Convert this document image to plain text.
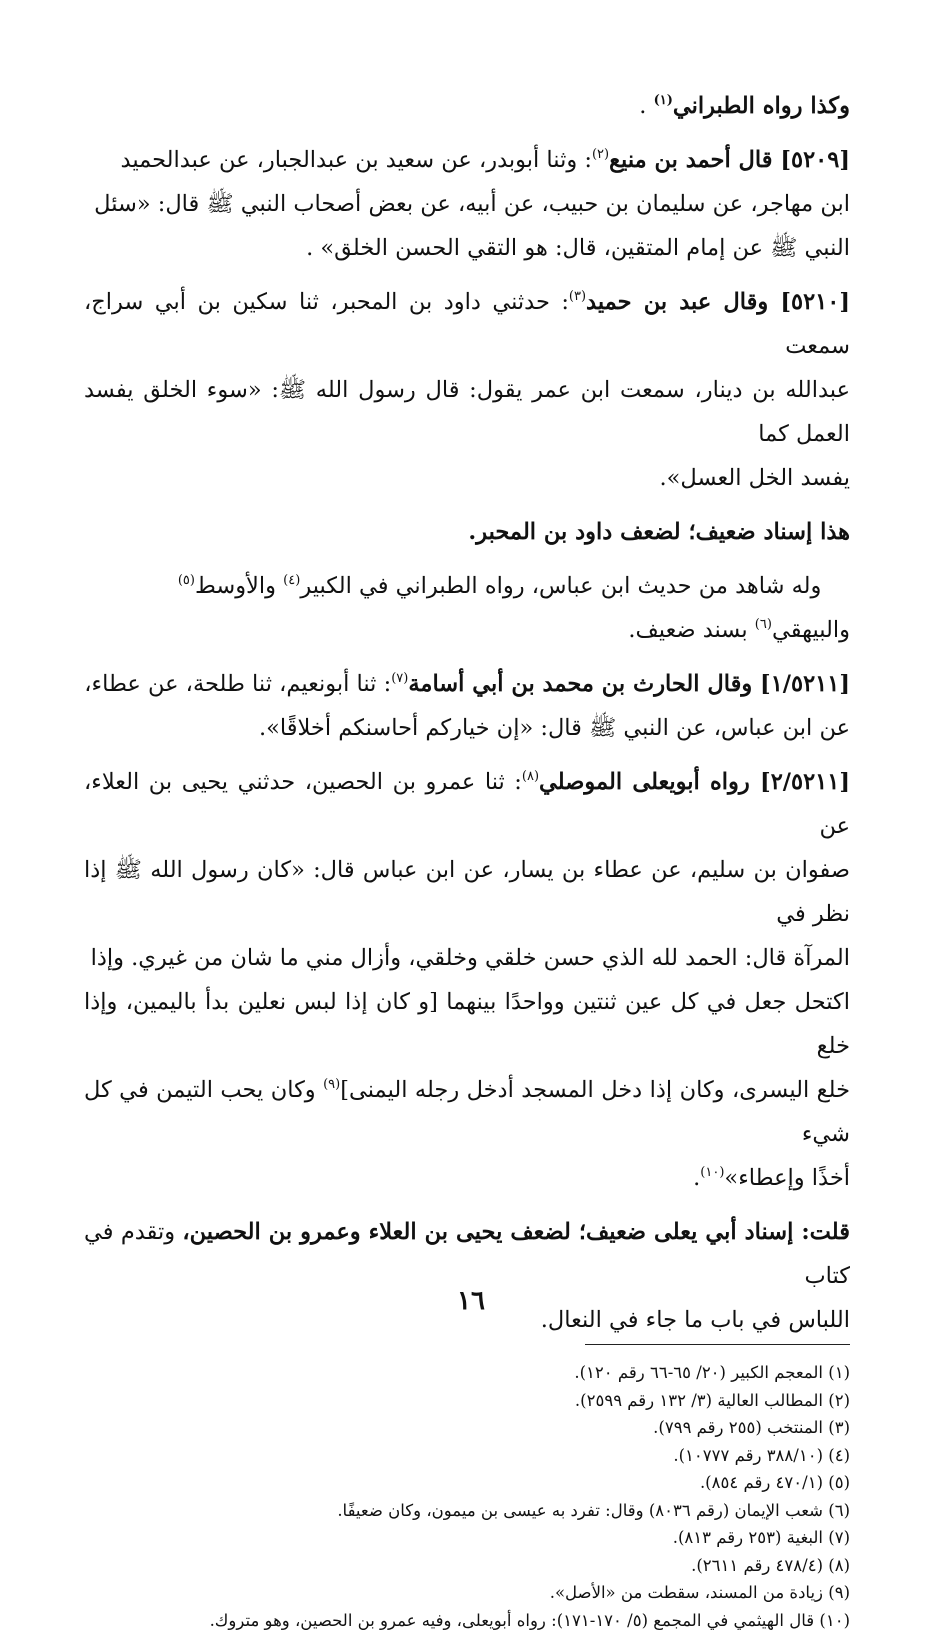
وكذا رواه الطبراني$^{(١)}$ .

[٥٢٠٩] قال أحمد بن منيع$^{(٢)}$: وثنا أبوبدر، عن سعيد بن عبدالجبار، عن عبدالحميد
ابن مهاجر، عن سليمان بن حبيب، عن أبيه، عن بعض أصحاب النبي ﷺ قال: «سئل
النبي ﷺ عن إمام المتقين، قال: هو التقي الحسن الخلق» .

[٥٢١٠] وقال عبد بن حميد$^{(٣)}$: حدثني داود بن المحبر، ثنا سكين بن أبي سراج، سمعت
عبدالله بن دينار، سمعت ابن عمر يقول: قال رسول الله ﷺ: «سوء الخلق يفسد العمل كما
يفسد الخل العسل».

هذا إسناد ضعيف؛ لضعف داود بن المحبر.

وله شاهد من حديث ابن عباس، رواه الطبراني في الكبير$^{(٤)}$ والأوسط$^{(٥)}$
والبيهقي$^{(٦)}$ بسند ضعيف.

[١/٥٢١١] وقال الحارث بن محمد بن أبي أسامة$^{(٧)}$: ثنا أبونعيم، ثنا طلحة، عن عطاء،
عن ابن عباس، عن النبي ﷺ قال: «إن خياركم أحاسنكم أخلاقًا».

[٢/٥٢١١] رواه أبويعلى الموصلي$^{(٨)}$: ثنا عمرو بن الحصين، حدثني يحيى بن العلاء، عن
صفوان بن سليم، عن عطاء بن يسار، عن ابن عباس قال: «كان رسول الله ﷺ إذا نظر في
المرآة قال: الحمد لله الذي حسن خلقي وخلقي، وأزال مني ما شان من غيري. وإذا
اكتحل جعل في كل عين ثنتين وواحدًا بينهما [و كان إذا لبس نعلين بدأ باليمين، وإذا خلع
خلع اليسرى، وكان إذا دخل المسجد أدخل رجله اليمنى]$^{(٩)}$ وكان يحب التيمن في كل شيء
أخذًا وإعطاء»$^{(١٠)}$.

قلت: إسناد أبي يعلى ضعيف؛ لضعف يحيى بن العلاء وعمرو بن الحصين، وتقدم في كتاب
اللباس في باب ما جاء في النعال.

(١) المعجم الكبير (٢٠/ ٦٥-٦٦ رقم ١٢٠).

(٢) المطالب العالية (٣/ ١٣٢ رقم ٢٥٩٩).

(٣) المنتخب (٢٥٥ رقم ٧٩٩).

(٤) (٣٨٨/١٠ رقم ١٠٧٧٧).

(٥) (٤٧٠/١ رقم ٨٥٤).

(٦) شعب الإيمان (رقم ٨٠٣٦) وقال: تفرد به عيسى بن ميمون، وكان ضعيفًا.

(٧) البغية (٢٥٣ رقم ٨١٣).

(٨) (٤٧٨/٤ رقم ٢٦١١).

(٩) زيادة من المسند، سقطت من «الأصل».

(١٠) قال الهيثمي في المجمع (٥/ ١٧٠-١٧١): رواه أبويعلى، وفيه عمرو بن الحصين، وهو متروك.

١٦
